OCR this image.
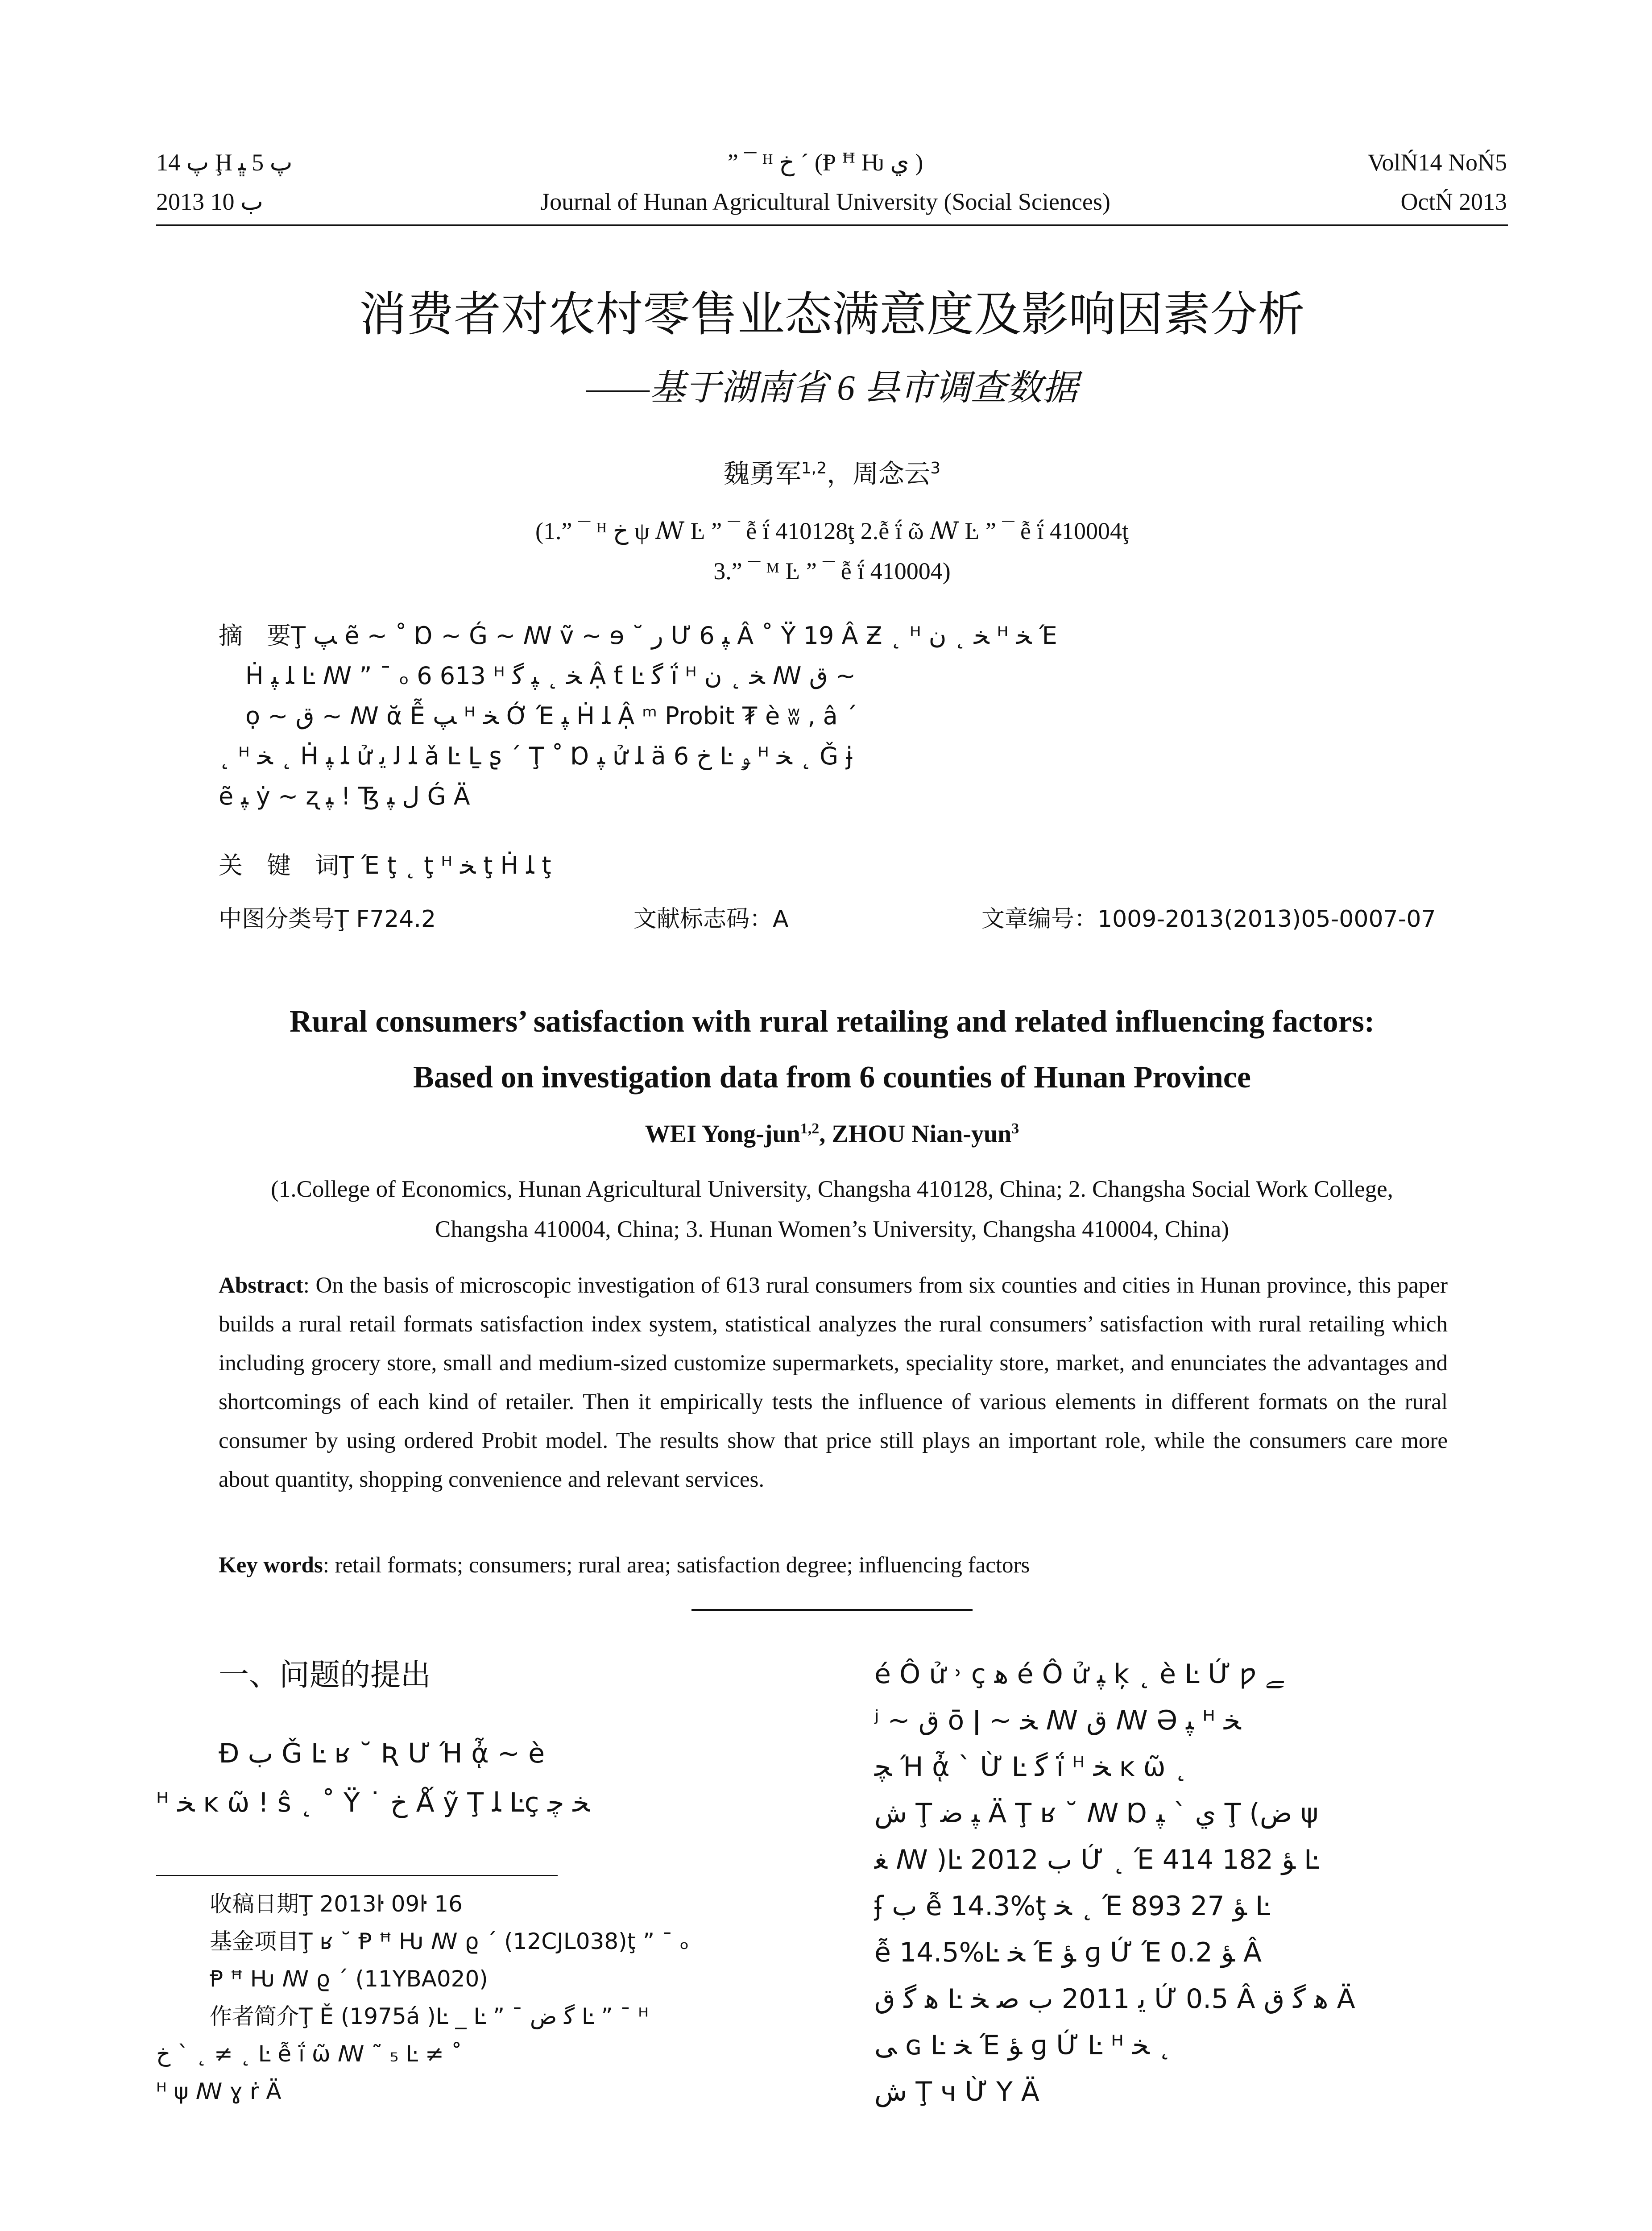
ﭖ 14 Ḩ ﭖ 5 ﭝ
2013 ب 10
” ¯ ᴴ ﺥ ˊ (Ᵽ ꟸ Ƕ ي )
Journal of Hunan Agricultural University (Social Sciences)
VolŃ14 NoŃ5
OctŃ 2013
消费者对农村零售业态满意度及影响因素分析
——基于湖南省 6 县市调查数据
魏勇军$^{1,2}$，周念云$^3$
(1.” ¯ ᴴ ﺥ ψ ꟿ Ŀ ” ¯ ễ ḯ 410128ţ 2.ễ ḯ ῶ ꟿ Ŀ ” ¯ ễ ḯ 410004ţ
3.” ¯ ᴹ Ŀ ” ¯ ễ ḯ 410004)
摘　要Ţ ﭗ ẽ ~ ˚ Ɒ ~ Ǵ ~ ꟿ ṽ ~ ɘ ˘ ﺭ Ư ﭙ 6 Â ˚ Ÿ 19 Â Ƶ ˛ ᴴ ﺨ ˛ ﻥ ᴴ ﺨ Έ
Ḣ ﻠ ﭙ Ŀ ꟿ ” ¯ ₒ 6 613 ᴴ ﺨ ˛ ﭙ ﮔ Ậ ƭ Ŀ ﮔ ḯ ᴴ ﺨ ˛ ﻥ ꟿ ﻕ ~
ọ ~ ﻕ ~ ꟿ ᾰ Ễ ﭗ ᴴ ﺨ Ớ Έ ﭙ Ḣ ﻠ Ậ ᵐ Probit ₮ è ʬ , â ˊ
˛ ᴴ ﺨ ˛ Ḣ ﻠ ﭙ ử ﻠ ﻟ ﻳ ǎ Ŀ Ḻ ʂ ˊ Ţ ˚ Ɒ ﭙ ử ﻠ ä 6 ﺥ Ŀ ﯡ ᴴ ﺨ ˛ Ǧ ɉ
ẽ ﭙ ẏ ~ ʐ ﭙ ! Ꜩ ﻝ ﭙ Ǵ Ä
关　键　词Ţ Έ ţ ˛ ţ ᴴ ﺨ ţ Ḣ ﻠ ţ
中图分类号Ţ F724.2	文献标志码：A	文章编号：1009-2013(2013)05-0007-07
Rural consumers’ satisfaction with rural retailing and related influencing factors:
Based on investigation data from 6 counties of Hunan Province
WEI Yong-jun$^{1,2}$, ZHOU Nian-yun$^3$
(1.College of Economics, Hunan Agricultural University, Changsha 410128, China; 2. Changsha Social Work College,
Changsha 410004, China; 3. Hunan Women’s University, Changsha 410004, China)
Abstract: On the basis of microscopic investigation of 613 rural consumers from six counties and cities in Hunan province, this paper builds a rural retail formats satisfaction index system, statistical analyzes the rural consumers’ satisfaction with rural retailing which including grocery store, small and medium-sized customize supermarkets, speciality store, market, and enunciates the advantages and shortcomings of each kind of retailer. Then it empirically tests the influence of various elements in different formats on the rural consumer by using ordered Probit model. The results show that price still plays an important role, while the consumers care more about quantity, shopping convenience and relevant services.
Key words: retail formats; consumers; rural area; satisfaction degree; influencing factors
一、问题的提出
Ɖ ب Ǧ Ŀ ʁ ˘ Ʀ Ư Ή ᾆ ~ è
ᴴ ﺨ ĸ ῶ ! ŝ ˛ ˚ Ÿ ˙ ﺥ Ǻ ỹ Ţ ﻠ Ŀç ﺨ ﭼ
收稿日期Ţ 2013ŀ 09ŀ 16
基金项目Ţ ʁ ˘ Ᵽ ꟸ Ƕ ꟿ ϱ ˊ (12CJL038)ţ ” ¯ ₒ
Ᵽ ꟸ Ƕ ꟿ ϱ ˊ (11YBA020)
作者简介Ţ Ě (1975á )Ŀ _ Ŀ ” ¯ ﮔ ﺽ Ŀ ” ¯ ᴴ
ﺥ ˋ ˛ ≠ ˛ Ŀ ễ ḯ ῶ ꟿ ˜ ₅ Ŀ ≠ ˚
ᴴ ψ ꟿ ɣ ṙ Ä
é Ô ử ˒ ç ﻫ é Ô ử ﭙ ķ ˛ è Ŀ Ứ ƿ ﮯ
ʲ ~ ﻕ ō ǀ ~ ﺨ ꟿ ﻕ ꟿ Ə ﭙ ᴴ ﺨ
ﭽ Ή ᾆ ˋ Ừ Ŀ ﮔ ḯ ᴴ ﺨ ĸ ῶ ˛
ﺵ Ţ ﭙ ﺿ Ä Ţ ʁ ˘ ꟿ Ɒ ﻱ ˋ ﭙ Ţ (ﺽ ψ
ﻐ ꟿ )Ŀ 2012 ب Ứ ˛ Έ ﺆ 182 414 Ŀ
ʄ ب ễ 14.3%ţ ﺨ ˛ Έ ﺆ 27 893 Ŀ
ễ 14.5%Ŀ ﺨ Έ ﺆ ɡ Ứ Έ ﺆ 0.2 Â
ﻫ ﮔ ﻕ Ŀ ﻳ 2011 ب ﺻ ﺨ Ứ 0.5 Â ﻫ ﮔ ﻕ Ä
ﯽ ɢ Ŀ ﺨ Έ ﺆ ɡ Ứ Ŀ ᴴ ﺨ ˛
ﺵ Ţ ч Ừ Y Ä
